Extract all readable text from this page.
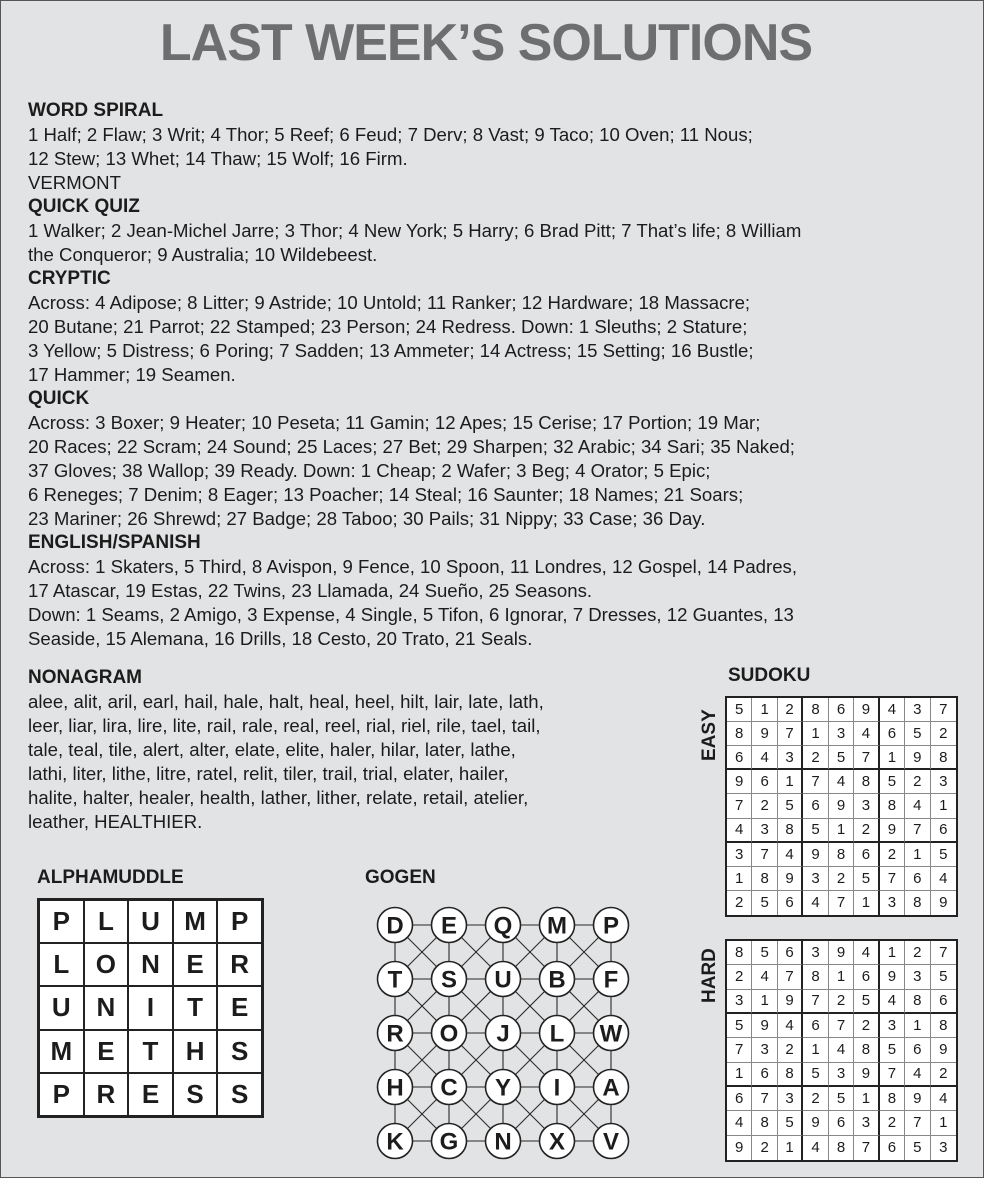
LAST WEEK’S SOLUTIONS
WORD SPIRAL

1 Half; 2 Flaw; 3 Writ; 4 Thor; 5 Reef; 6 Feud; 7 Derv; 8 Vast; 9 Taco; 10 Oven; 11 Nous;

12 Stew; 13 Whet; 14 Thaw; 15 Wolf; 16 Firm.

VERMONT

QUICK QUIZ

1 Walker; 2 Jean-Michel Jarre; 3 Thor; 4 New York; 5 Harry; 6 Brad Pitt; 7 That’s life; 8 William

the Conqueror; 9 Australia; 10 Wildebeest.

CRYPTIC

Across: 4 Adipose; 8 Litter; 9 Astride; 10 Untold; 11 Ranker; 12 Hardware; 18 Massacre;

20 Butane; 21 Parrot; 22 Stamped; 23 Person; 24 Redress. Down: 1 Sleuths; 2 Stature;

3 Yellow; 5 Distress; 6 Poring; 7 Sadden; 13 Ammeter; 14 Actress; 15 Setting; 16 Bustle;

17 Hammer; 19 Seamen.

QUICK

Across: 3 Boxer; 9 Heater; 10 Peseta; 11 Gamin; 12 Apes; 15 Cerise; 17 Portion; 19 Mar;

20 Races; 22 Scram; 24 Sound; 25 Laces; 27 Bet; 29 Sharpen; 32 Arabic; 34 Sari; 35 Naked;

37 Gloves; 38 Wallop; 39 Ready. Down: 1 Cheap; 2 Wafer; 3 Beg; 4 Orator; 5 Epic;

6 Reneges; 7 Denim; 8 Eager; 13 Poacher; 14 Steal; 16 Saunter; 18 Names; 21 Soars;

23 Mariner; 26 Shrewd; 27 Badge; 28 Taboo; 30 Pails; 31 Nippy; 33 Case; 36 Day.

ENGLISH/SPANISH

Across: 1 Skaters, 5 Third, 8 Avispon, 9 Fence, 10 Spoon, 11 Londres, 12 Gospel, 14 Padres,

17 Atascar, 19 Estas, 22 Twins, 23 Llamada, 24 Sueño, 25 Seasons.

Down: 1 Seams, 2 Amigo, 3 Expense, 4 Single, 5 Tifon, 6 Ignorar, 7 Dresses, 12 Guantes, 13

Seaside, 15 Alemana, 16 Drills, 18 Cesto, 20 Trato, 21 Seals.

NONAGRAM

alee, alit, aril, earl, hail, hale, halt, heal, heel, hilt, lair, late, lath,

leer, liar, lira, lire, lite, rail, rale, real, reel, rial, riel, rile, tael, tail,

tale, teal, tile, alert, alter, elate, elite, haler, hilar, later, lathe,

lathi, liter, lithe, litre, ratel, relit, tiler, trail, trial, elater, hailer,

halite, halter, healer, health, lather, lither, relate, retail, atelier,

leather, HEALTHIER.

ALPHAMUDDLE
P	L	U M P
L	O N	E	R
U N	I	T	E
M E	T	H	S
P	R	E	S	S
GOGEN
D E Q M P
T S U B F
R O J L W
H C Y I A
K G N X V
SUDOKU
EASY	5	1	2	8	6	9	4	3	7
8	9	7	1	3	4	6	5	2
6	4	3	2	5	7	1	9	8
9	6	1	7	4	8	5	2	3
7	2	5	6	9	3	8	4	1
4	3	8	5	1	2	9	7	6
3	7	4	9	8	6	2	1	5
1	8	9	3	2	5	7	6	4
2	5	6	4	7	1	3	8	9
HARD	8	5	6	3	9	4	1	2	7
2	4	7	8	1	6	9	3	5
3	1	9	7	2	5	4	8	6
5	9	4	6	7	2	3	1	8
7	3	2	1	4	8	5	6	9
1	6	8	5	3	9	7	4	2
6	7	3	2	5	1	8	9	4
4	8	5	9	6	3	2	7	1
9	2	1	4	8	7	6	5	3
